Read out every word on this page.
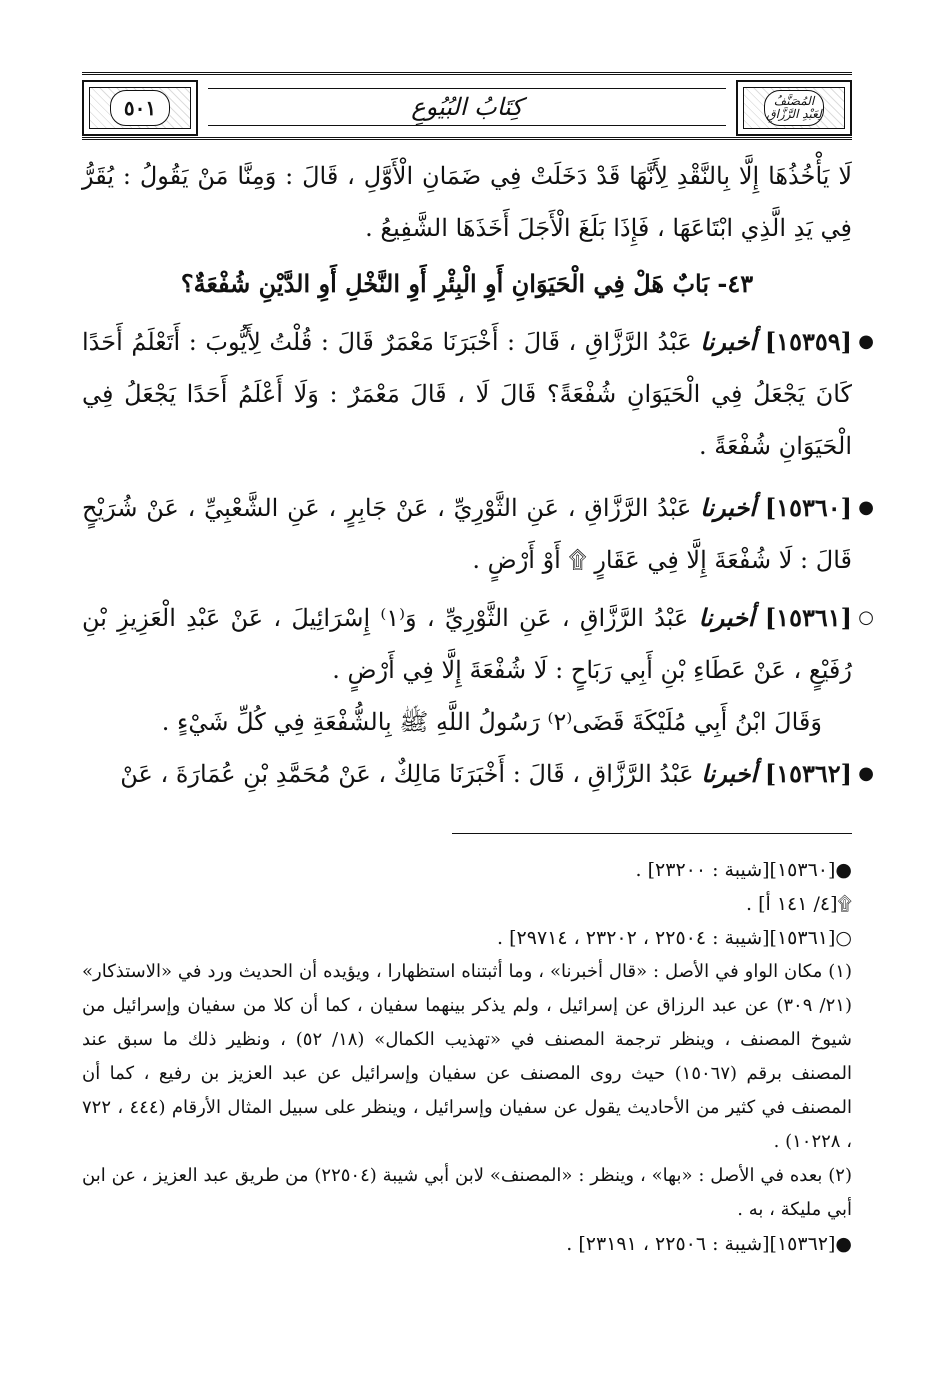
٥٠١	كِتَابُ البُيُوعِ	المُصَنَّفُ
لِعَبْدِ الرَّزَّاقِ

لَا يَأْخُذُهَا إِلَّا بِالنَّقْدِ لِأَنَّهَا قَدْ دَخَلَتْ فِي ضَمَانِ الْأَوَّلِ ، قَالَ : وَمِنَّا مَنْ يَقُولُ : يُقَرُّ فِي يَدِ الَّذِي ابْتَاعَهَا ، فَإِذَا بَلَغَ الْأَجَلَ أَخَذَهَا الشَّفِيعُ .

٤٣- بَابٌ هَلْ فِي الْحَيَوَانِ أَوِ الْبِئْرِ أَوِ النَّخْلِ أَوِ الدَّيْنِ شُفْعَةٌ؟

●
[١٥٣٥٩] أخبرنا عَبْدُ الرَّزَّاقِ ، قَالَ : أَخْبَرَنَا مَعْمَرٌ قَالَ : قُلْتُ لِأَيُّوبَ : أَتَعْلَمُ أَحَدًا كَانَ يَجْعَلُ فِي الْحَيَوَانِ شُفْعَةً؟ قَالَ لَا ، قَالَ مَعْمَرٌ : وَلَا أَعْلَمُ أَحَدًا يَجْعَلُ فِي الْحَيَوَانِ شُفْعَةً .

●
[١٥٣٦٠] أخبرنا عَبْدُ الرَّزَّاقِ ، عَنِ الثَّوْرِيِّ ، عَنْ جَابِرٍ ، عَنِ الشَّعْبِيِّ ، عَنْ شُرَيْحٍ قَالَ : لَا شُفْعَةَ إِلَّا فِي عَقَارٍ ۩ أَوْ أَرْضٍ .

○
[١٥٣٦١] أخبرنا عَبْدُ الرَّزَّاقِ ، عَنِ الثَّوْرِيِّ ، وَ⁽١⁾ إِسْرَائِيلَ ، عَنْ عَبْدِ الْعَزِيزِ بْنِ رُفَيْعٍ ، عَنْ عَطَاءِ بْنِ أَبِي رَبَاحٍ : لَا شُفْعَةَ إِلَّا فِي أَرْضٍ .

وَقَالَ ابْنُ أَبِي مُلَيْكَةَ قَضَى⁽٢⁾ رَسُولُ اللَّهِ ﷺ بِالشُّفْعَةِ فِي كُلِّ شَيْءٍ .

●
[١٥٣٦٢] أخبرنا عَبْدُ الرَّزَّاقِ ، قَالَ : أَخْبَرَنَا مَالِكٌ ، عَنْ مُحَمَّدِ بْنِ عُمَارَةَ ، عَنْ

●[١٥٣٦٠][شيبة : ٢٣٢٠٠] .

۩[٤/ ١٤١ أ] .

○[١٥٣٦١][شيبة : ٢٢٥٠٤ ، ٢٣٢٠٢ ، ٢٩٧١٤] .

(١) مكان الواو في الأصل : «قال أخبرنا» ، وما أثبتناه استظهارا ، ويؤيده أن الحديث ورد في «الاستذكار» (٢١/ ٣٠٩) عن عبد الرزاق عن إسرائيل ، ولم يذكر بينهما سفيان ، كما أن كلا من سفيان وإسرائيل من شيوخ المصنف ، وينظر ترجمة المصنف في «تهذيب الكمال» (١٨/ ٥٢) ، ونظير ذلك ما سبق عند المصنف برقم (١٥٠٦٧) حيث روى المصنف عن سفيان وإسرائيل عن عبد العزيز بن رفيع ، كما أن المصنف في كثير من الأحاديث يقول عن سفيان وإسرائيل ، وينظر على سبيل المثال الأرقام (٤٤٤ ، ٧٢٢ ، ١٠٢٢٨) .

(٢) بعده في الأصل : «بها» ، وينظر : «المصنف» لابن أبي شيبة (٢٢٥٠٤) من طريق عبد العزيز ، عن ابن أبي مليكة ، به .

●[١٥٣٦٢][شيبة : ٢٢٥٠٦ ، ٢٣١٩١] .
